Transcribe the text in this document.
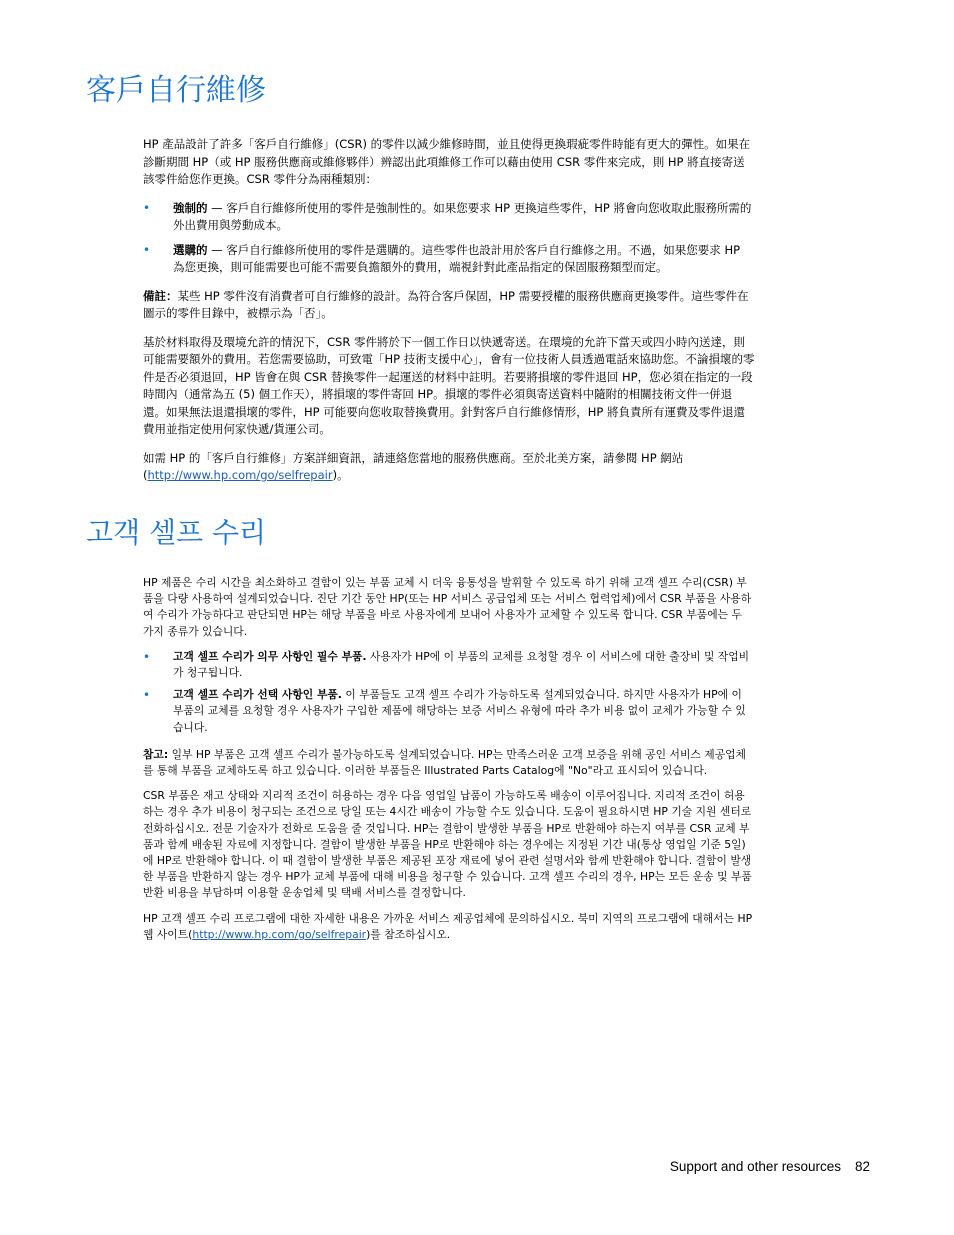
客戶自行維修

HP 產品設計了許多「客戶自行維修」(CSR) 的零件以減少維修時間，並且使得更換瑕疵零件時能有更大的彈性。如果在診斷期間 HP（或 HP 服務供應商或維修夥伴）辨認出此項維修工作可以藉由使用 CSR 零件來完成，則 HP 將直接寄送該零件給您作更換。CSR 零件分為兩種類別：

• 強制的 — 客戶自行維修所使用的零件是強制性的。如果您要求 HP 更換這些零件，HP 將會向您收取此服務所需的外出費用與勞動成本。
• 選購的 — 客戶自行維修所使用的零件是選購的。這些零件也設計用於客戶自行維修之用。不過，如果您要求 HP 為您更換，則可能需要也可能不需要負擔額外的費用，端視針對此產品指定的保固服務類型而定。

備註：某些 HP 零件沒有消費者可自行維修的設計。為符合客戶保固，HP 需要授權的服務供應商更換零件。這些零件在圖示的零件目錄中，被標示為「否」。

基於材料取得及環境允許的情況下，CSR 零件將於下一個工作日以快遞寄送。在環境的允許下當天或四小時內送達，則可能需要額外的費用。若您需要協助，可致電「HP 技術支援中心」，會有一位技術人員透過電話來協助您。不論損壞的零件是否必須退回，HP 皆會在與 CSR 替換零件一起運送的材料中註明。若要將損壞的零件退回 HP，您必須在指定的一段時間內（通常為五 (5) 個工作天），將損壞的零件寄回 HP。損壞的零件必須與寄送資料中隨附的相關技術文件一併退還。如果無法退還損壞的零件，HP 可能要向您收取替換費用。針對客戶自行維修情形，HP 將負責所有運費及零件退還費用並指定使用何家快遞/貨運公司。

如需 HP 的「客戶自行維修」方案詳細資訊，請連絡您當地的服務供應商。至於北美方案，請參閱 HP 網站 (http://www.hp.com/go/selfrepair)。

고객 셀프 수리

HP 제품은 수리 시간을 최소화하고 결함이 있는 부품 교체 시 더욱 융통성을 발휘할 수 있도록 하기 위해 고객 셀프 수리(CSR) 부품을 다량 사용하여 설계되었습니다. 진단 기간 동안 HP(또는 HP 서비스 공급업체 또는 서비스 협력업체)에서 CSR 부품을 사용하여 수리가 가능하다고 판단되면 HP는 해당 부품을 바로 사용자에게 보내어 사용자가 교체할 수 있도록 합니다. CSR 부품에는 두 가지 종류가 있습니다.

• 고객 셀프 수리가 의무 사항인 필수 부품. 사용자가 HP에 이 부품의 교체를 요청할 경우 이 서비스에 대한 출장비 및 작업비가 청구됩니다.
• 고객 셀프 수리가 선택 사항인 부품. 이 부품들도 고객 셀프 수리가 가능하도록 설계되었습니다. 하지만 사용자가 HP에 이 부품의 교체를 요청할 경우 사용자가 구입한 제품에 해당하는 보증 서비스 유형에 따라 추가 비용 없이 교체가 가능할 수 있습니다.

참고: 일부 HP 부품은 고객 셀프 수리가 불가능하도록 설계되었습니다. HP는 만족스러운 고객 보증을 위해 공인 서비스 제공업체를 통해 부품을 교체하도록 하고 있습니다. 이러한 부품들은 Illustrated Parts Catalog에 "No"라고 표시되어 있습니다.

CSR 부품은 재고 상태와 지리적 조건이 허용하는 경우 다음 영업일 납품이 가능하도록 배송이 이루어집니다. 지리적 조건이 허용하는 경우 추가 비용이 청구되는 조건으로 당일 또는 4시간 배송이 가능할 수도 있습니다. 도움이 필요하시면 HP 기술 지원 센터로 전화하십시오. 전문 기술자가 전화로 도움을 줄 것입니다. HP는 결함이 발생한 부품을 HP로 반환해야 하는지 여부를 CSR 교체 부품과 함께 배송된 자료에 지정합니다. 결함이 발생한 부품을 HP로 반환해야 하는 경우에는 지정된 기간 내(통상 영업일 기준 5일)에 HP로 반환해야 합니다. 이 때 결함이 발생한 부품은 제공된 포장 재료에 넣어 관련 설명서와 함께 반환해야 합니다. 결함이 발생한 부품을 반환하지 않는 경우 HP가 교체 부품에 대해 비용을 청구할 수 있습니다. 고객 셀프 수리의 경우, HP는 모든 운송 및 부품 반환 비용을 부담하며 이용할 운송업체 및 택배 서비스를 결정합니다.

HP 고객 셀프 수리 프로그램에 대한 자세한 내용은 가까운 서비스 제공업체에 문의하십시오. 북미 지역의 프로그램에 대해서는 HP 웹 사이트(http://www.hp.com/go/selfrepair)를 참조하십시오.

Support and other resources 82
